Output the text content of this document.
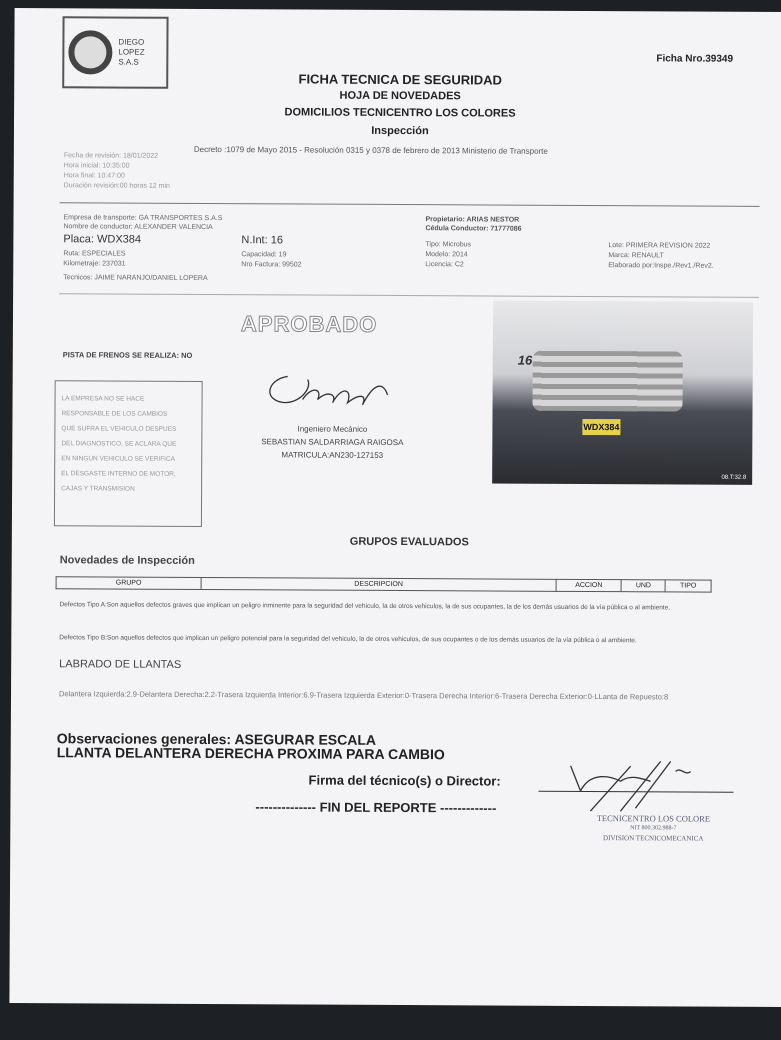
DIEGO
LOPEZ
S.A.S	Ficha Nro.39349
FICHA TECNICA DE SEGURIDAD
HOJA DE NOVEDADES
DOMICILIOS TECNICENTRO LOS COLORES
Inspección
Decreto :1079 de Mayo 2015 - Resolución 0315 y 0378 de febrero de 2013 Ministerio de Transporte
Fecha de revisión: 18/01/2022
Hora inicial: 10:35:00
Hora final: 10:47:00
Duración revisión:00 horas 12 min
Empresa de transporte: GA TRANSPORTES S.A.S
Nombre de conductor: ALEXANDER VALENCIA
Placa: WDX384
Ruta: ESPECIALES
Kilometraje: 237031
Tecnicos: JAIME NARANJO/DANIEL LOPERA
N.Int: 16
Capacidad: 19
Nro Factura: 99502
Propietario: ARIAS NESTOR
Cédula Conductor: 71777086
Tipo: Microbus
Modelo: 2014
Licencia: C2
Lote: PRIMERA REVISION 2022
Marca: RENAULT
Elaborado por:Inspe./Rev1./Rev2.
APROBADO
PISTA DE FRENOS SE REALIZA: NO
LA EMPRESA NO SE HACE
RESPONSABLE DE LOS CAMBIOS
QUE SUFRA EL VEHICULO DESPUES
DEL DIAGNOSTICO, SE ACLARA QUE
EN NINGUN VEHICULO SE VERIFICA
EL DESGASTE INTERNO DE MOTOR,
CAJAS Y TRANSMISION
Ingeniero Mecánico
SEBASTIAN SALDARRIAGA RAIGOSA
MATRICULA:AN230-127153
16
WDX384
08.T:32.8
GRUPOS EVALUADOS
Novedades de Inspección
GRUPO	DESCRIPCION	ACCION	UND	TIPO
Defectos Tipo A:Son aquellos defectos graves que implican un peligro inminente para la seguridad del vehiculo, la de otros vehiculos, la de sus ocupantes, la de los demás usuarios de la vía pública o al ambiente.
Defectos Tipo B:Son aquellos defectos que implican un peligro potencial para la seguridad del vehiculo, la de otros vehiculos, de sus ocupantes o de los demás usuarios de la vía pública o al ambiente.
LABRADO DE LLANTAS
Delantera Izquierda:2.9-Delantera Derecha:2.2-Trasera Izquierda Interior:6.9-Trasera Izquierda Exterior:0-Trasera Derecha Interior:6-Trasera Derecha Exterior:0-LLanta de Repuesto:8
Observaciones generales: ASEGURAR ESCALA
LLANTA DELANTERA DERECHA PROXIMA PARA CAMBIO
Firma del técnico(s) o Director:
-------------- FIN DEL REPORTE -------------
TECNICENTRO LOS COLORE
NIT 800.302.988-7
DIVISION TECNICOMECANICA
